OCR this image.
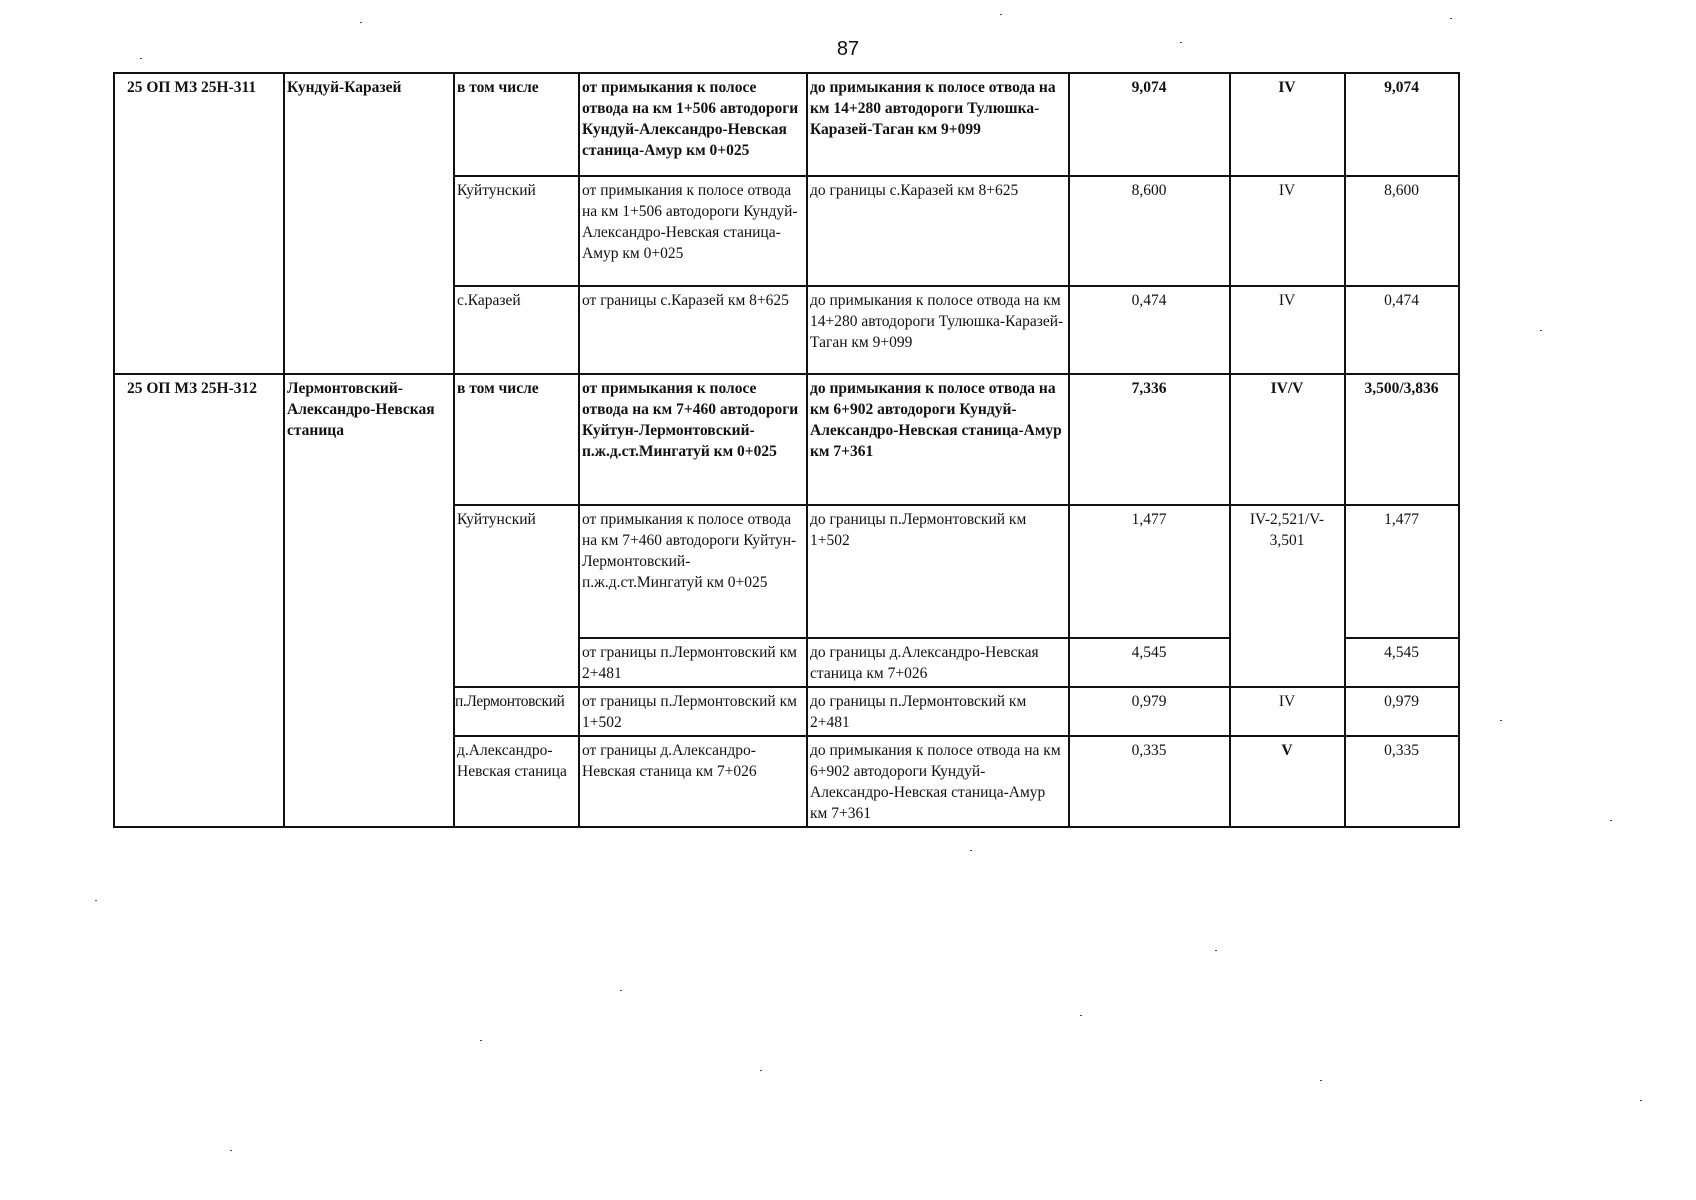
87
25 ОП МЗ 25Н-311	Кундуй-Каразей	в том числе	от примыкания к полосе отвода на км 1+506 автодороги Кундуй-Александро-Невская станица-Амур км 0+025	до примыкания к полосе отвода на км 14+280 автодороги Тулюшка-Каразей-Таган км 9+099	9,074	IV	9,074
		Куйтунский	от примыкания к полосе отвода на км 1+506 автодороги Кундуй-Александро-Невская станица-Амур км 0+025	до границы с.Каразей км 8+625	8,600	IV	8,600
		с.Каразей	от границы с.Каразей км 8+625	до примыкания к полосе отвода на км 14+280 автодороги Тулюшка-Каразей-Таган км 9+099	0,474	IV	0,474
25 ОП МЗ 25Н-312	Лермонтовский-Александро-Невская станица	в том числе	от примыкания к полосе отвода на км 7+460 автодороги Куйтун-Лермонтовский-п.ж.д.ст.Мингатуй км 0+025	до примыкания к полосе отвода на км 6+902 автодороги Кундуй-Александро-Невская станица-Амур км 7+361	7,336	IV/V	3,500/3,836
		Куйтунский	от примыкания к полосе отвода на км 7+460 автодороги Куйтун-Лермонтовский-п.ж.д.ст.Мингатуй км 0+025	до границы п.Лермонтовский км 1+502	1,477	IV-2,521/V-3,501	1,477
			от границы п.Лермонтовский км 2+481	до границы д.Александро-Невская станица км 7+026	4,545		4,545
		п.Лермонтовский	от границы п.Лермонтовский км 1+502	до границы п.Лермонтовский км 2+481	0,979	IV	0,979
		д.Александро-Невская станица	от границы д.Александро-Невская станица км 7+026	до примыкания к полосе отвода на км 6+902 автодороги Кундуй-Александро-Невская станица-Амур км 7+361	0,335	V	0,335
